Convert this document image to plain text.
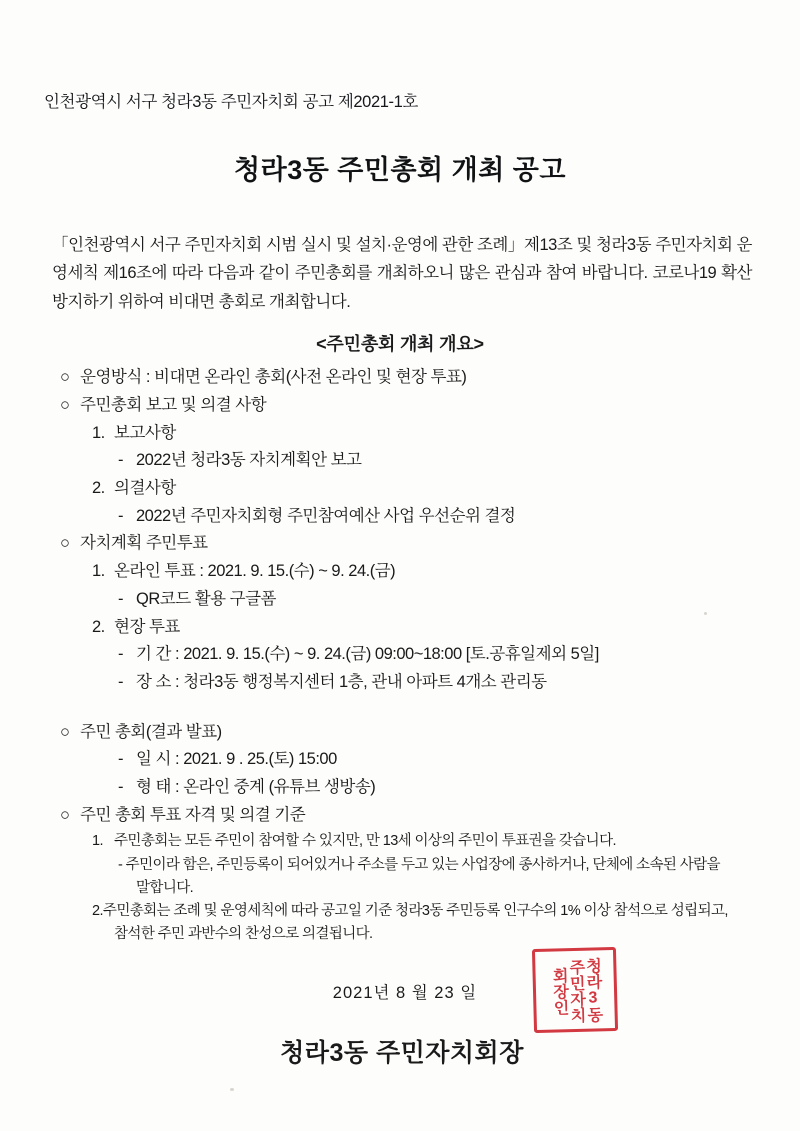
인천광역시 서구 청라3동 주민자치회 공고 제2021-1호
청라3동 주민총회 개최 공고

「인천광역시 서구 주민자치회 시범 실시 및 설치·운영에 관한 조례」제13조 및 청라3동 주민자치회 운영세칙 제16조에 따라 다음과 같이 주민총회를 개최하오니 많은 관심과 참여 바랍니다. 코로나19 확산 방지하기 위하여 비대면 총회로 개최합니다.

<주민총회 개최 개요>
○ 운영방식 : 비대면 온라인 총회(사전 온라인 및 현장 투표)
○ 주민총회 보고 및 의결 사항
1. 보고사항
- 2022년 청라3동 자치계획안 보고
2. 의결사항
- 2022년 주민자치회형 주민참여예산 사업 우선순위 결정
○ 자치계획 주민투표
1. 온라인 투표 : 2021. 9. 15.(수) ~ 9. 24.(금)
- QR코드 활용 구글폼
2. 현장 투표
- 기 간 : 2021. 9. 15.(수) ~ 9. 24.(금) 09:00~18:00 [토.공휴일제외 5일]
- 장 소 : 청라3동 행정복지센터 1층, 관내 아파트 4개소 관리동
○ 주민 총회(결과 발표)
- 일 시 : 2021. 9 . 25.(토) 15:00
- 형 태 : 온라인 중계 (유튜브 생방송)
○ 주민 총회 투표 자격 및 의결 기준
1. 주민총회는 모든 주민이 참여할 수 있지만, 만 13세 이상의 주민이 투표권을 갖습니다.
- 주민이라 함은, 주민등록이 되어있거나 주소를 두고 있는 사업장에 종사하거나, 단체에 소속된 사람을 말합니다.
2.주민총회는 조례 및 운영세칙에 따라 공고일 기준 청라3동 주민등록 인구수의 1% 이상 참석으로 성립되고, 참석한 주민 과반수의 찬성으로 의결됩니다.
2021년 8 월 23 일
청라3동 주민자치회장
청
라
3
동
주
민
자
치
회
장
인
